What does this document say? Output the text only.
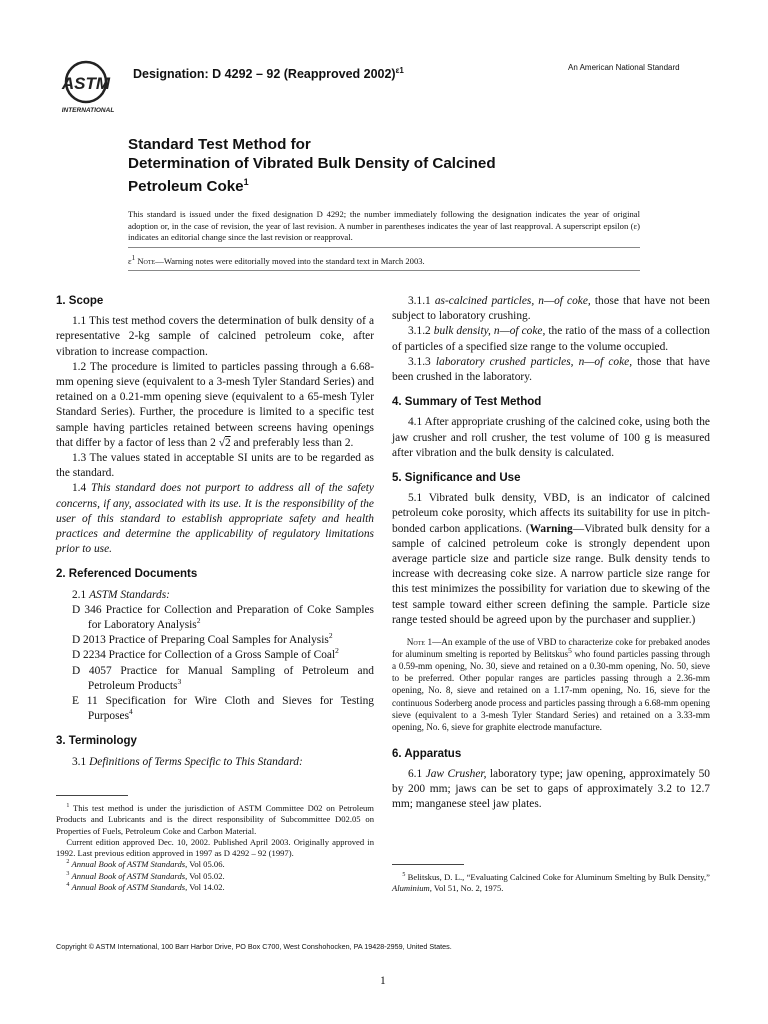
ASTM
INTERNATIONAL
Designation: D 4292 – 92 (Reapproved 2002)$^{\varepsilon 1}$	An American National Standard
Standard Test Method for
Determination of Vibrated Bulk Density of Calcined
Petroleum Coke$^1$
This standard is issued under the fixed designation D 4292; the number immediately following the designation indicates the year of original adoption or, in the case of revision, the year of last revision. A number in parentheses indicates the year of last reapproval. A superscript epsilon (ε) indicates an editorial change since the last revision or reapproval.
$\varepsilon^1$ Note—Warning notes were editorially moved into the standard text in March 2003.

1. Scope

1.1 This test method covers the determination of bulk density of a representative 2-kg sample of calcined petroleum coke, after vibration to increase compaction.

1.2 The procedure is limited to particles passing through a 6.68-mm opening sieve (equivalent to a 3-mesh Tyler Standard Series) and retained on a 0.21-mm opening sieve (equivalent to a 65-mesh Tyler Standard Series). Further, the procedure is limited to a specific test sample having particles retained between screens having openings that differ by a factor of less than 2 √2 and preferably less than 2.

1.3 The values stated in acceptable SI units are to be regarded as the standard.

1.4 This standard does not purport to address all of the safety concerns, if any, associated with its use. It is the responsibility of the user of this standard to establish appropriate safety and health practices and determine the applicability of regulatory limitations prior to use.

2. Referenced Documents

2.1 ASTM Standards:

D 346 Practice for Collection and Preparation of Coke Samples for Laboratory Analysis$^2$

D 2013 Practice of Preparing Coal Samples for Analysis$^2$

D 2234 Practice for Collection of a Gross Sample of Coal$^2$

D 4057 Practice for Manual Sampling of Petroleum and Petroleum Products$^3$

E 11 Specification for Wire Cloth and Sieves for Testing Purposes$^4$

3. Terminology

3.1 Definitions of Terms Specific to This Standard:

$^1$ This test method is under the jurisdiction of ASTM Committee D02 on Petroleum Products and Lubricants and is the direct responsibility of Subcommittee D02.05 on Properties of Fuels, Petroleum Coke and Carbon Material.

Current edition approved Dec. 10, 2002. Published April 2003. Originally approved in 1992. Last previous edition approved in 1997 as D 4292 – 92 (1997).

$^2$ Annual Book of ASTM Standards, Vol 05.06.

$^3$ Annual Book of ASTM Standards, Vol 05.02.

$^4$ Annual Book of ASTM Standards, Vol 14.02.

3.1.1 as-calcined particles, n—of coke, those that have not been subject to laboratory crushing.

3.1.2 bulk density, n—of coke, the ratio of the mass of a collection of particles of a specified size range to the volume occupied.

3.1.3 laboratory crushed particles, n—of coke, those that have been crushed in the laboratory.

4. Summary of Test Method

4.1 After appropriate crushing of the calcined coke, using both the jaw crusher and roll crusher, the test volume of 100 g is measured after vibration and the bulk density is calculated.

5. Significance and Use

5.1 Vibrated bulk density, VBD, is an indicator of calcined petroleum coke porosity, which affects its suitability for use in pitch-bonded carbon applications. (Warning—Vibrated bulk density for a sample of calcined petroleum coke is strongly dependent upon average particle size and particle size range. Bulk density tends to increase with decreasing coke size. A narrow particle size range for this test minimizes the possibility for variation due to skewing of the test sample toward either screen defining the sample. Particle size range tested should be agreed upon by the purchaser and supplier.)

Note 1—An example of the use of VBD to characterize coke for prebaked anodes for aluminum smelting is reported by Belitskus$^5$ who found particles passing through a 0.59-mm opening, No. 30, sieve and retained on a 0.30-mm opening, No. 50, sieve to be preferred. Other popular ranges are particles passing through a 2.36-mm opening, No. 8, sieve and retained on a 1.17-mm opening, No. 16, sieve for the continuous Soderberg anode process and particles passing through a 6.68-mm opening sieve (equivalent to a 3-mesh Tyler Standard Series) and retained on a 3.33-mm opening, No. 6, sieve for graphite electrode manufacture.

6. Apparatus

6.1 Jaw Crusher, laboratory type; jaw opening, approximately 50 by 200 mm; jaws can be set to gaps of approximately 3.2 to 12.7 mm; manganese steel jaw plates.

$^5$ Belitskus, D. L., “Evaluating Calcined Coke for Aluminum Smelting by Bulk Density,” Aluminium, Vol 51, No. 2, 1975.

Copyright © ASTM International, 100 Barr Harbor Drive, PO Box C700, West Conshohocken, PA 19428-2959, United States.
1
